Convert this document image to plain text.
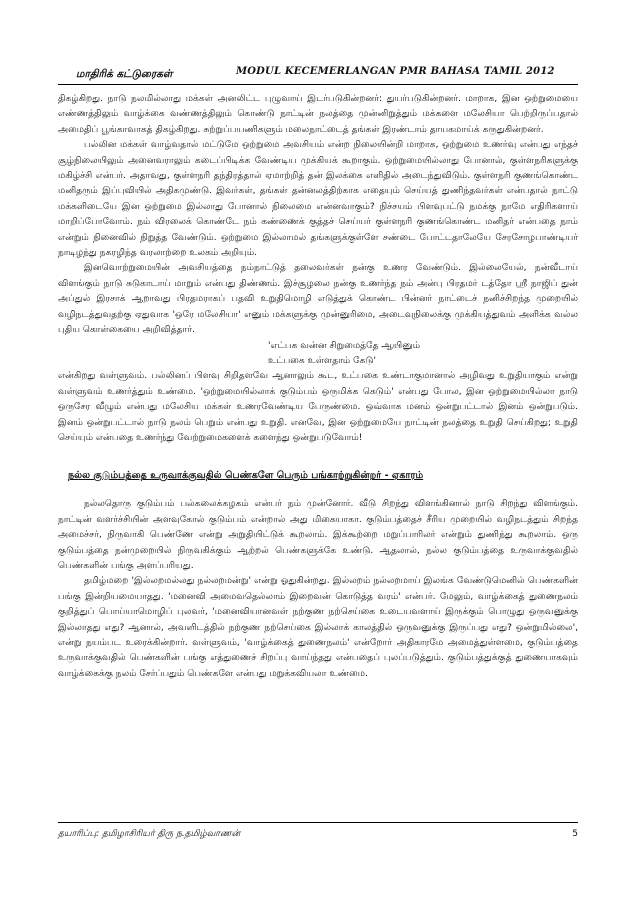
மாதிரிக் கட்டுரைகள்	MODUL KECEMERLANGAN PMR BAHASA TAMIL 2012

திகழ்கிறது. நாடு நலமில்லாது மக்கள் அனலிட்ட புழுவாய் இடர்படுகின்றனர்: துயர்படுகின்றனர். மாறாக, இன ஒற்றுமையை எண்ணத்திலும் வாழ்க்கை வண்ணத்திலும் கொண்டு நாட்டின் நலத்தை முன்னிறுத்தும் மக்களை மலேசியா பெற்றிருப்பதால் அமைதிப் பூங்காவாகத் திகழ்கிறது. சுற்றுப்பயணிகளும் மலைநாட்டைத் தங்கள் இரண்டாம் தாயகமாய்க் கருதுகின்றனர்.

பல்லின மக்கள் வாழ்வதால் மட்டுமே ஒற்றுமை அவசியம் என்ற நிலையின்றி மாறாக, ஒற்றுமை உணர்வு என்பது எந்தச் சூழ்நிலையிலும் அனைவராலும் கடைப்பிடிக்க வேண்டிய முக்கியக் கூறாகும். ஒற்றுமையில்லாது போனால், குள்ளநரிகளுக்கு மகிழ்ச்சி என்பர். அதாவது, குள்ளநரி தந்திரத்தால் ஏமாற்றித் தன் இலக்கை எளிதில் அடைந்துவிடும். குள்ளநரி குணங்கொண்ட மனிதரும் இப்புவியில் அதிகமுண்டு. இவர்கள், தங்கள் தன்னலத்திற்காக எதையும் செய்யத் துணிந்தவர்கள் என்பதால் நாட்டு மக்களிடையே இன ஒற்றுமை இல்லாது போனால் நிலைமை என்னவாகும்? நிச்சயம் பிளவுபட்டு நமக்கு நாமே எதிரிகளாய் மாறிப்போவோம். நம் விரலைக் கொண்டே நம் கண்ணைக் குத்தச் செய்யர் குள்ளநரி குணங்கொண்ட மனிதர் என்பதை நாம் என்றும் நினைவில் நிறுத்த வேண்டும். ஒற்றுமை இல்லாமல் தங்களுக்குள்ளே சண்டை போட்டதாலேயே சேரசோழபாண்டியர் நாடிழந்து நகரழிந்த வரலாற்றை உலகம் அறியும்.

இனவொற்றுமையின் அவசியத்தை நம்நாட்டுத் தலைவர்கள் நன்கு உணர வேண்டும். இல்லையேல், நன்வீடாய் விளங்கும் நாடு சுடுகாடாய் மாறும் என்பது திண்ணம். இச்சூழலை நன்கு உணர்ந்த நம் அன்பு பிரதமர் டத்தோ ஸ்ரீ நாஜிப் துன் அப்துல் இரசாக் ஆறாவது பிரதமராகப் பதவி உறுதிமொழி எடுத்துக் கொண்ட பின்னர் நாட்டைச் நனிச்சிறந்த முறையில் வழிநடத்துவதற்கு ஏதுவாக 'ஒரே மலேசியா' எனும் மக்களுக்கு முன்னுரிமை, அடைவுநிலைக்கு முக்கியத்துவம் அளிக்க வல்ல புதிய கொள்கையை அறிவித்தார்.

'எட்பக வன்ன சிறுமைத்தே ஆயினும்
உட்பகை உள்ளதாம் கேடு'

என்கிறது வள்ளுவம். பல்லினப் பிளவு சிறிதளவே ஆனாலும் கூட, உட்பகை உண்டாகுமானால் அழிவது உறுதியாகும் என்று வள்ளுவம் உணர்த்தும் உண்மை. 'ஒற்றுமையில்லாக் குடும்பம் ஒருமிக்க கெடும்' என்பது போல, இன ஒற்றுமையில்லா நாடு ஒருசேர வீழும் என்பது மலேசிய மக்கள் உணரவேண்டிய பேருண்மை. ஒவ்வாக மனம் ஒன்றுபட்டால் இனம் ஒன்றுபடும். இனம் ஒன்றுபட்டால் நாடு நலம் பெறும் என்பது உறுதி. எனவே, இன ஒற்றுமையே நாட்டின் நலத்தை உறுதி செய்கிறது; உறுதி செய்யும் என்பதை உணர்ந்து வேற்றுமைகளைக் களைந்து ஒன்றுபடுவோம்!

நல்ல குடும்பத்தை உருவாக்குவதில் பெண்களே பெரும் பங்காற்றுகின்றர் - ஏகாரம்

நல்லதொரு குடும்பம் பல்கலைக்கழகம் என்பர் நம் முன்னோர். வீடு சிறந்து விளங்கினால் நாடு சிறந்து விளங்கும். நாட்டின் வளர்ச்சியின் அளவுகோல் குடும்பம் என்றால் அது மிகையாகா. குடும்பத்தைச் சீரிய முறையில் வழிநடத்தும் சிறந்த அமைச்சர், நிருவாகி பெண்ணே என்று அறுதியிட்டுக் கூறலாம். இக்கூற்றை மறுப்பாரிலர் என்றும் துணிந்து கூறலாம். ஒரு குடும்பத்தை நன்முறையில் நிருவகிக்கும் ஆற்றல் பெண்களுக்கே உண்டு. ஆதலால், நல்ல குடும்பத்தை உருவாக்குவதில் பெண்களின் பங்கு அளப்பரியது.

தமிழ்மறை 'இல்லறமல்லது நல்லறமன்று' என்று ஓதுகின்றது. இல்லறம் நல்லறமாய் இலங்க வேண்டுமெனில் பெண்களின் பங்கு இன்றியமையாதது. 'மனைவி அமைவதெல்லாம் இறைவன் கொடுத்த வரம்' என்பர். மேலும், வாழ்க்கைத் துணைநலம் குறித்துப் பொய்யாமொழிப் புலவர், 'மனைவியானவள் நற்குண நற்செய்கை உடையவளாய் இருக்கும் பொழுது ஒருவனுக்கு இல்லாதது எது? ஆனால், அவளிடத்தில் நற்குண நற்செய்கை இல்லாக் காலத்தில் ஒருவனுக்கு இருப்பது எது? ஒன்றுமில்லை', என்று நயம்பட உரைக்கின்றார். வள்ளுவம், 'வாழ்க்கைத் துணைநலம்' என்றோர் அதிகாரமே அமைத்துள்ளமை, குடும்பத்தை உருவாக்குவதில் பெண்களின் பங்கு எத்துணைச் சிறப்பு வாய்ந்தது என்பதைப் புலப்படுத்தும். குடும்பத்துக்குத் துணையாகவும் வாழ்க்கைக்கு நலம் சேர்ப்பதும் பெண்களே என்பது மறுக்கவியலா உண்மை.

தயாரிப்பு: தமிழாசிரியர் திரு ந.தமிழ்வாணன்	5
